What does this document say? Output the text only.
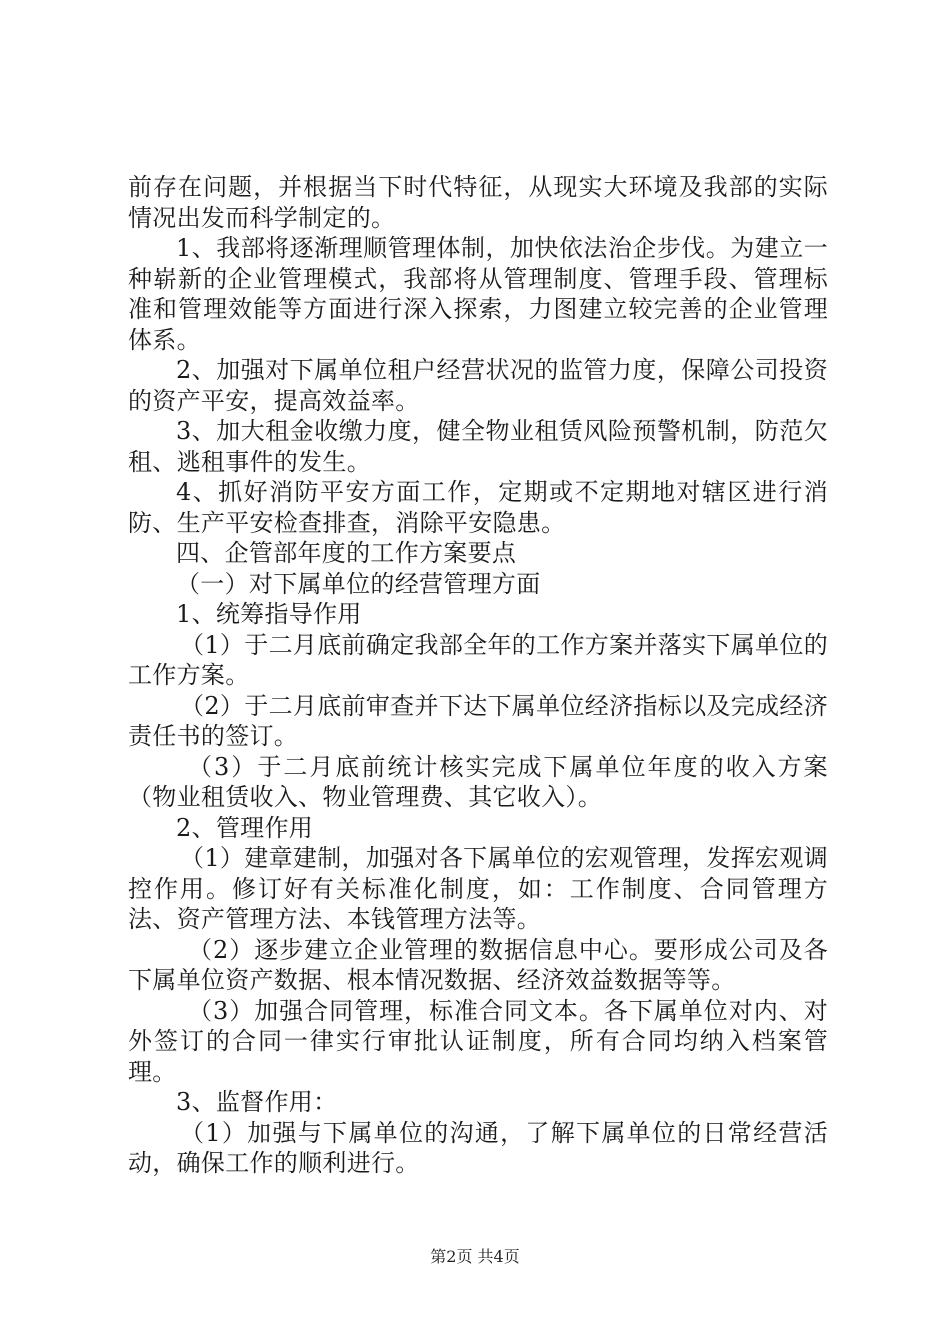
前存在问题，并根据当下时代特征，从现实大环境及我部的实际情况出发而科学制定的。

1、我部将逐渐理顺管理体制，加快依法治企步伐。为建立一种崭新的企业管理模式，我部将从管理制度、管理手段、管理标准和管理效能等方面进行深入探索，力图建立较完善的企业管理体系。

2、加强对下属单位租户经营状况的监管力度，保障公司投资的资产平安，提高效益率。

3、加大租金收缴力度，健全物业租赁风险预警机制，防范欠租、逃租事件的发生。

4、抓好消防平安方面工作，定期或不定期地对辖区进行消防、生产平安检查排查，消除平安隐患。

四、企管部年度的工作方案要点

（一）对下属单位的经营管理方面

1、统筹指导作用

（1）于二月底前确定我部全年的工作方案并落实下属单位的工作方案。

（2）于二月底前审查并下达下属单位经济指标以及完成经济责任书的签订。

（3）于二月底前统计核实完成下属单位年度的收入方案（物业租赁收入、物业管理费、其它收入）。

2、管理作用

（1）建章建制，加强对各下属单位的宏观管理，发挥宏观调控作用。修订好有关标准化制度，如：工作制度、合同管理方法、资产管理方法、本钱管理方法等。

（2）逐步建立企业管理的数据信息中心。要形成公司及各下属单位资产数据、根本情况数据、经济效益数据等等。

（3）加强合同管理，标准合同文本。各下属单位对内、对外签订的合同一律实行审批认证制度，所有合同均纳入档案管理。

3、监督作用：

（1）加强与下属单位的沟通，了解下属单位的日常经营活动，确保工作的顺利进行。

第2页 共4页
